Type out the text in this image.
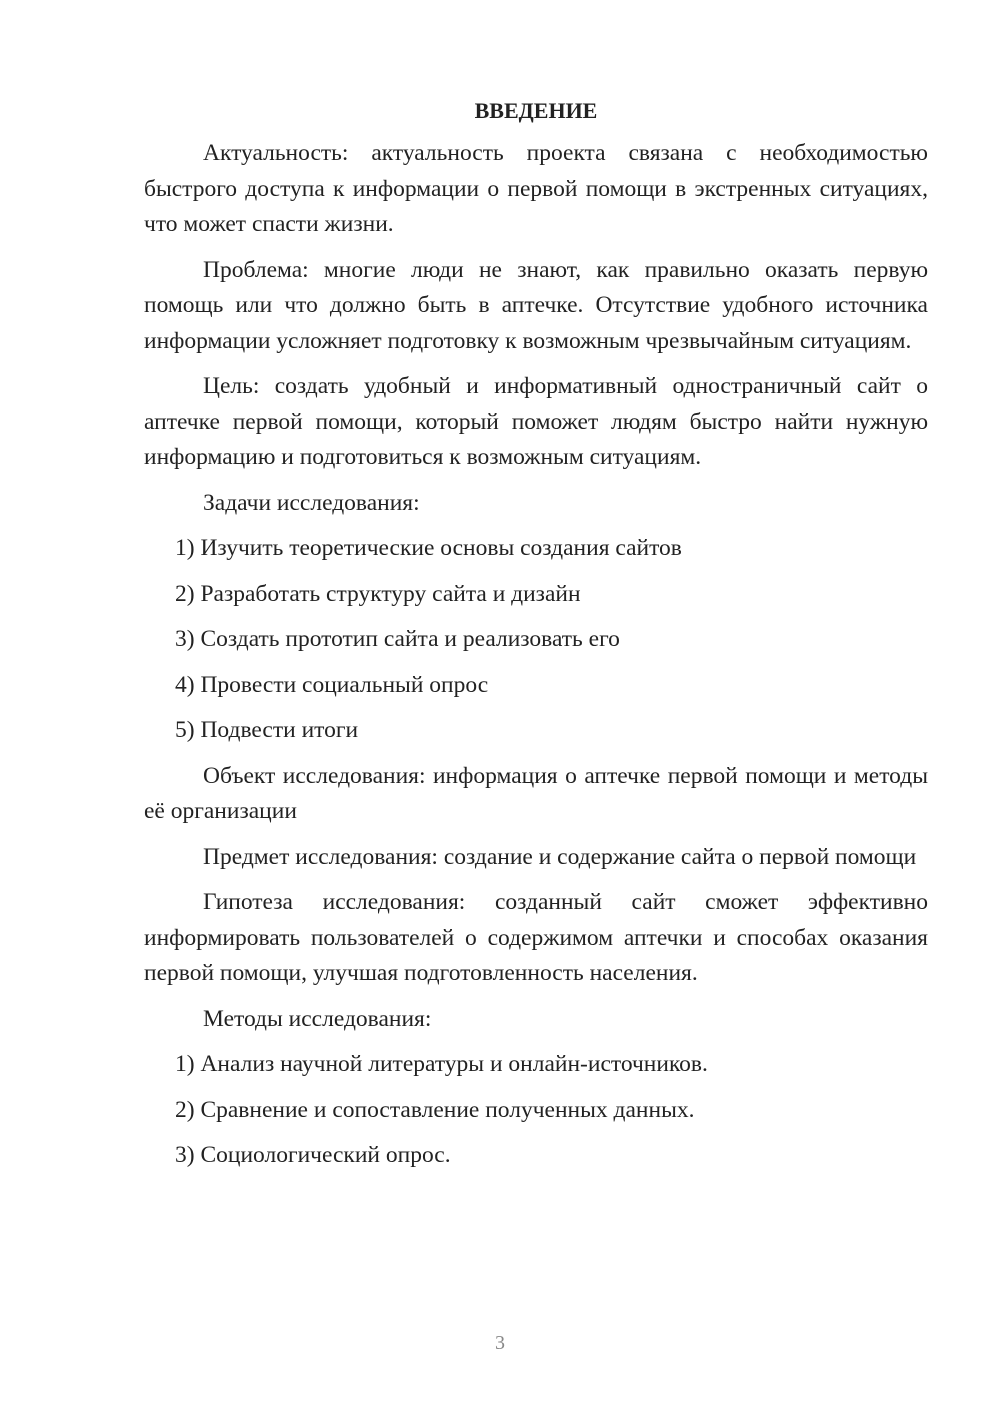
ВВЕДЕНИЕ

Актуальность: актуальность проекта связана с необходимостью быстрого доступа к информации о первой помощи в экстренных ситуациях, что может спасти жизни.

Проблема: многие люди не знают, как правильно оказать первую помощь или что должно быть в аптечке. Отсутствие удобного источника информации усложняет подготовку к возможным чрезвычайным ситуациям.

Цель: создать удобный и информативный одностраничный сайт о аптечке первой помощи, который поможет людям быстро найти нужную информацию и подготовиться к возможным ситуациям.

Задачи исследования:

1) Изучить теоретические основы создания сайтов
2) Разработать структуру сайта и дизайн
3) Создать прототип сайта и реализовать его
4) Провести социальный опрос
5) Подвести итоги

Объект исследования: информация о аптечке первой помощи и методы её организации

Предмет исследования: создание и содержание сайта о первой помощи

Гипотеза исследования: созданный сайт сможет эффективно информировать пользователей о содержимом аптечки и способах оказания первой помощи, улучшая подготовленность населения.

Методы исследования:

1) Анализ научной литературы и онлайн-источников.
2) Сравнение и сопоставление полученных данных.
3) Социологический опрос.
3
